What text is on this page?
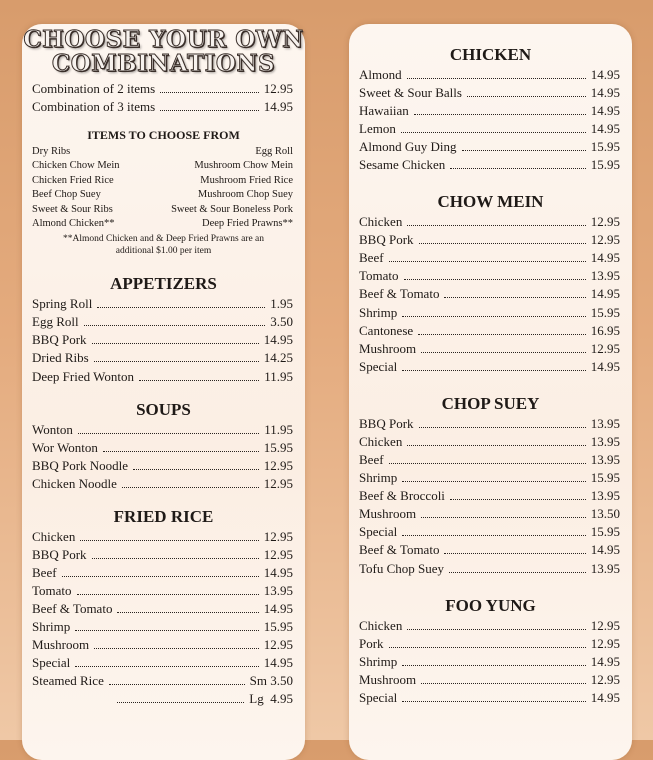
CHOOSE YOUR OWN
COMBINATIONS
Combination of 2 items	12.95
Combination of 3 items	14.95
ITEMS TO CHOOSE FROM
Dry Ribs	Egg Roll
Chicken Chow Mein	Mushroom Chow Mein
Chicken Fried Rice	Mushroom Fried Rice
Beef Chop Suey	Mushroom Chop Suey
Sweet & Sour Ribs	Sweet & Sour Boneless Pork
Almond Chicken**	Deep Fried Prawns**
**Almond Chicken and & Deep Fried Prawns are an
additional $1.00 per item
APPETIZERS
Spring Roll	1.95
Egg Roll	3.50
BBQ Pork	14.95
Dried Ribs	14.25
Deep Fried Wonton	11.95
SOUPS
Wonton	11.95
Wor Wonton	15.95
BBQ Pork Noodle	12.95
Chicken Noodle	12.95
FRIED RICE
Chicken	12.95
BBQ Pork	12.95
Beef	14.95
Tomato	13.95
Beef & Tomato	14.95
Shrimp	15.95
Mushroom	12.95
Special	14.95
Steamed Rice	Sm 3.50
Lg  4.95
CHICKEN
Almond	14.95
Sweet & Sour Balls	14.95
Hawaiian	14.95
Lemon	14.95
Almond Guy Ding	15.95
Sesame Chicken	15.95
CHOW MEIN
Chicken	12.95
BBQ Pork	12.95
Beef	14.95
Tomato	13.95
Beef & Tomato	14.95
Shrimp	15.95
Cantonese	16.95
Mushroom	12.95
Special	14.95
CHOP SUEY
BBQ Pork	13.95
Chicken	13.95
Beef	13.95
Shrimp	15.95
Beef & Broccoli	13.95
Mushroom	13.50
Special	15.95
Beef & Tomato	14.95
Tofu Chop Suey	13.95
FOO YUNG
Chicken	12.95
Pork	12.95
Shrimp	14.95
Mushroom	12.95
Special	14.95
